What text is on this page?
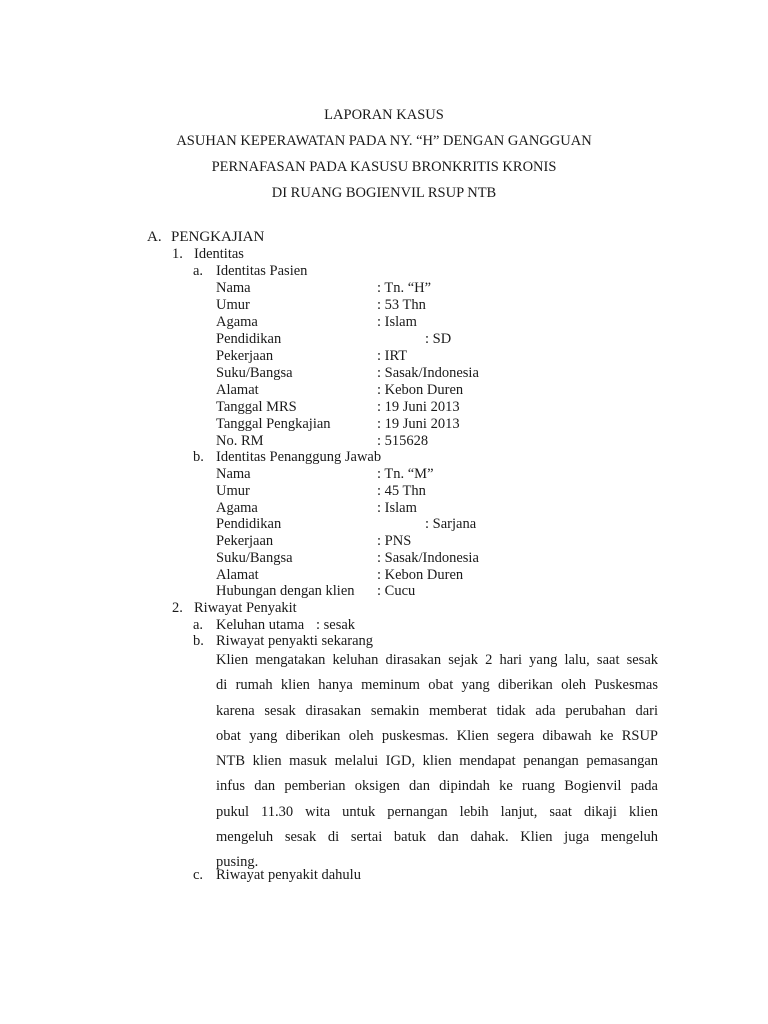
LAPORAN KASUS
ASUHAN KEPERAWATAN PADA NY. “H” DENGAN GANGGUAN
PERNAFASAN PADA KASUSU BRONKRITIS KRONIS
DI RUANG BOGIENVIL RSUP NTB
A. PENGKAJIAN
1. Identitas
a. Identitas Pasien
Nama	: Tn. “H”
Umur	: 53 Thn
Agama	: Islam
Pendidikan	: SD
Pekerjaan	: IRT
Suku/Bangsa	: Sasak/Indonesia
Alamat	: Kebon Duren
Tanggal MRS	: 19 Juni 2013
Tanggal Pengkajian	: 19 Juni 2013
No. RM	: 515628
b. Identitas Penanggung Jawab
Nama	: Tn. “M”
Umur	: 45 Thn
Agama	: Islam
Pendidikan	: Sarjana
Pekerjaan	: PNS
Suku/Bangsa	: Sasak/Indonesia
Alamat	: Kebon Duren
Hubungan dengan klien : Cucu
2. Riwayat Penyakit
a. Keluhan utama : sesak
b. Riwayat penyakti sekarang
Klien mengatakan keluhan dirasakan sejak 2 hari yang lalu, saat sesak
di rumah klien hanya meminum obat yang diberikan oleh Puskesmas
karena sesak dirasakan semakin memberat tidak ada perubahan dari
obat yang diberikan oleh puskesmas. Klien segera dibawah ke RSUP
NTB klien masuk melalui IGD, klien mendapat penangan pemasangan
infus dan pemberian oksigen dan dipindah ke ruang Bogienvil pada
pukul 11.30 wita untuk pernangan lebih lanjut, saat dikaji klien
mengeluh sesak di sertai batuk dan dahak. Klien juga mengeluh
pusing.
c. Riwayat penyakit dahulu
